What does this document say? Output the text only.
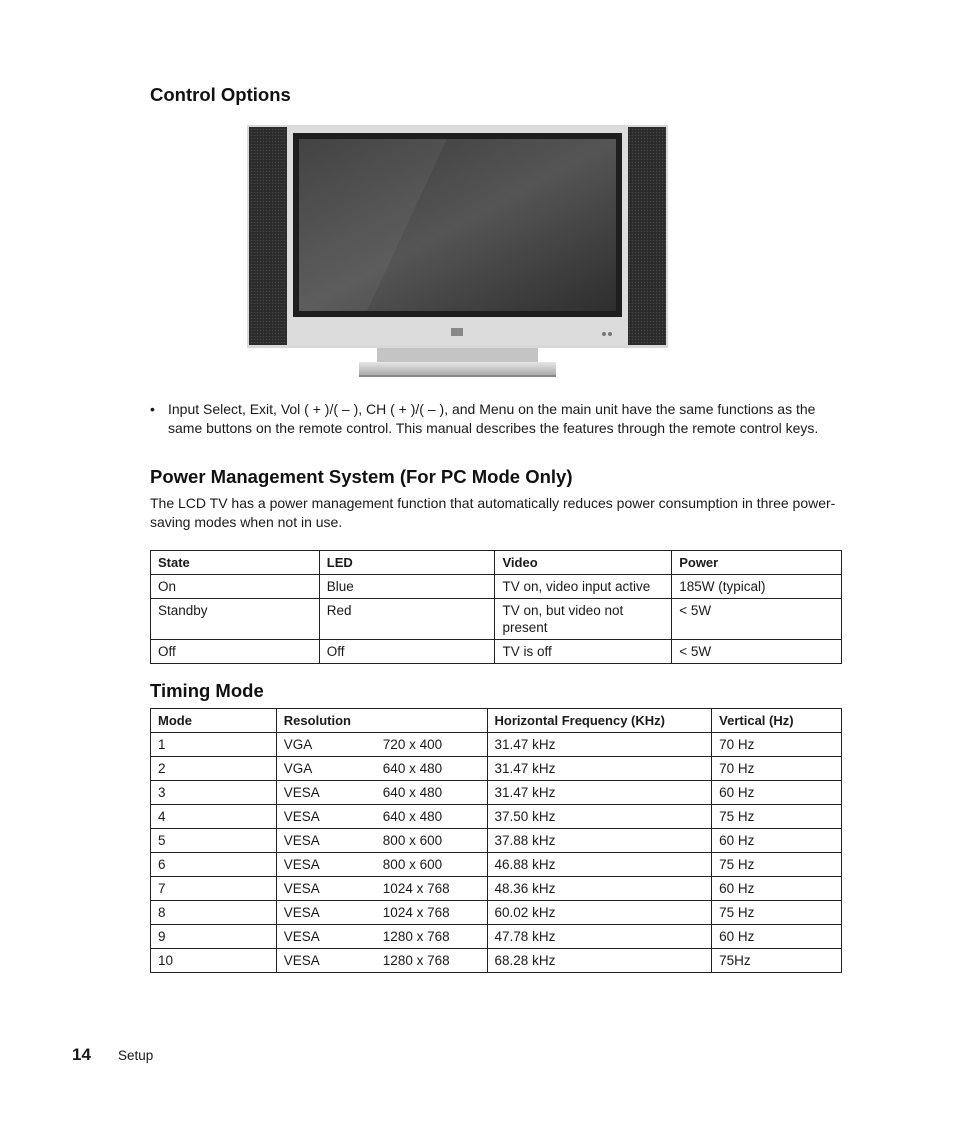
Control Options
• Input Select, Exit, Vol ( + )/( – ), CH ( + )/( – ), and Menu on the main unit have the same functions as the same buttons on the remote control. This manual describes the features through the remote control keys.
Power Management System (For PC Mode Only)

The LCD TV has a power management function that automatically reduces power consumption in three power-saving modes when not in use.

State	LED	Video	Power
On	Blue	TV on, video input active	185W (typical)
Standby	Red	TV on, but video not present	< 5W
Off	Off	TV is off	< 5W
Timing Mode
Mode	Resolution	Horizontal Frequency (KHz)	Vertical (Hz)
1	VGA 720 x 400	31.47 kHz	70 Hz
2	VGA 640 x 480	31.47 kHz	70 Hz
3	VESA 640 x 480	31.47 kHz	60 Hz
4	VESA 640 x 480	37.50 kHz	75 Hz
5	VESA 800 x 600	37.88 kHz	60 Hz
6	VESA 800 x 600	46.88 kHz	75 Hz
7	VESA 1024 x 768	48.36 kHz	60 Hz
8	VESA 1024 x 768	60.02 kHz	75 Hz
9	VESA 1280 x 768	47.78 kHz	60 Hz
10	VESA 1280 x 768	68.28 kHz	75Hz
14 Setup
